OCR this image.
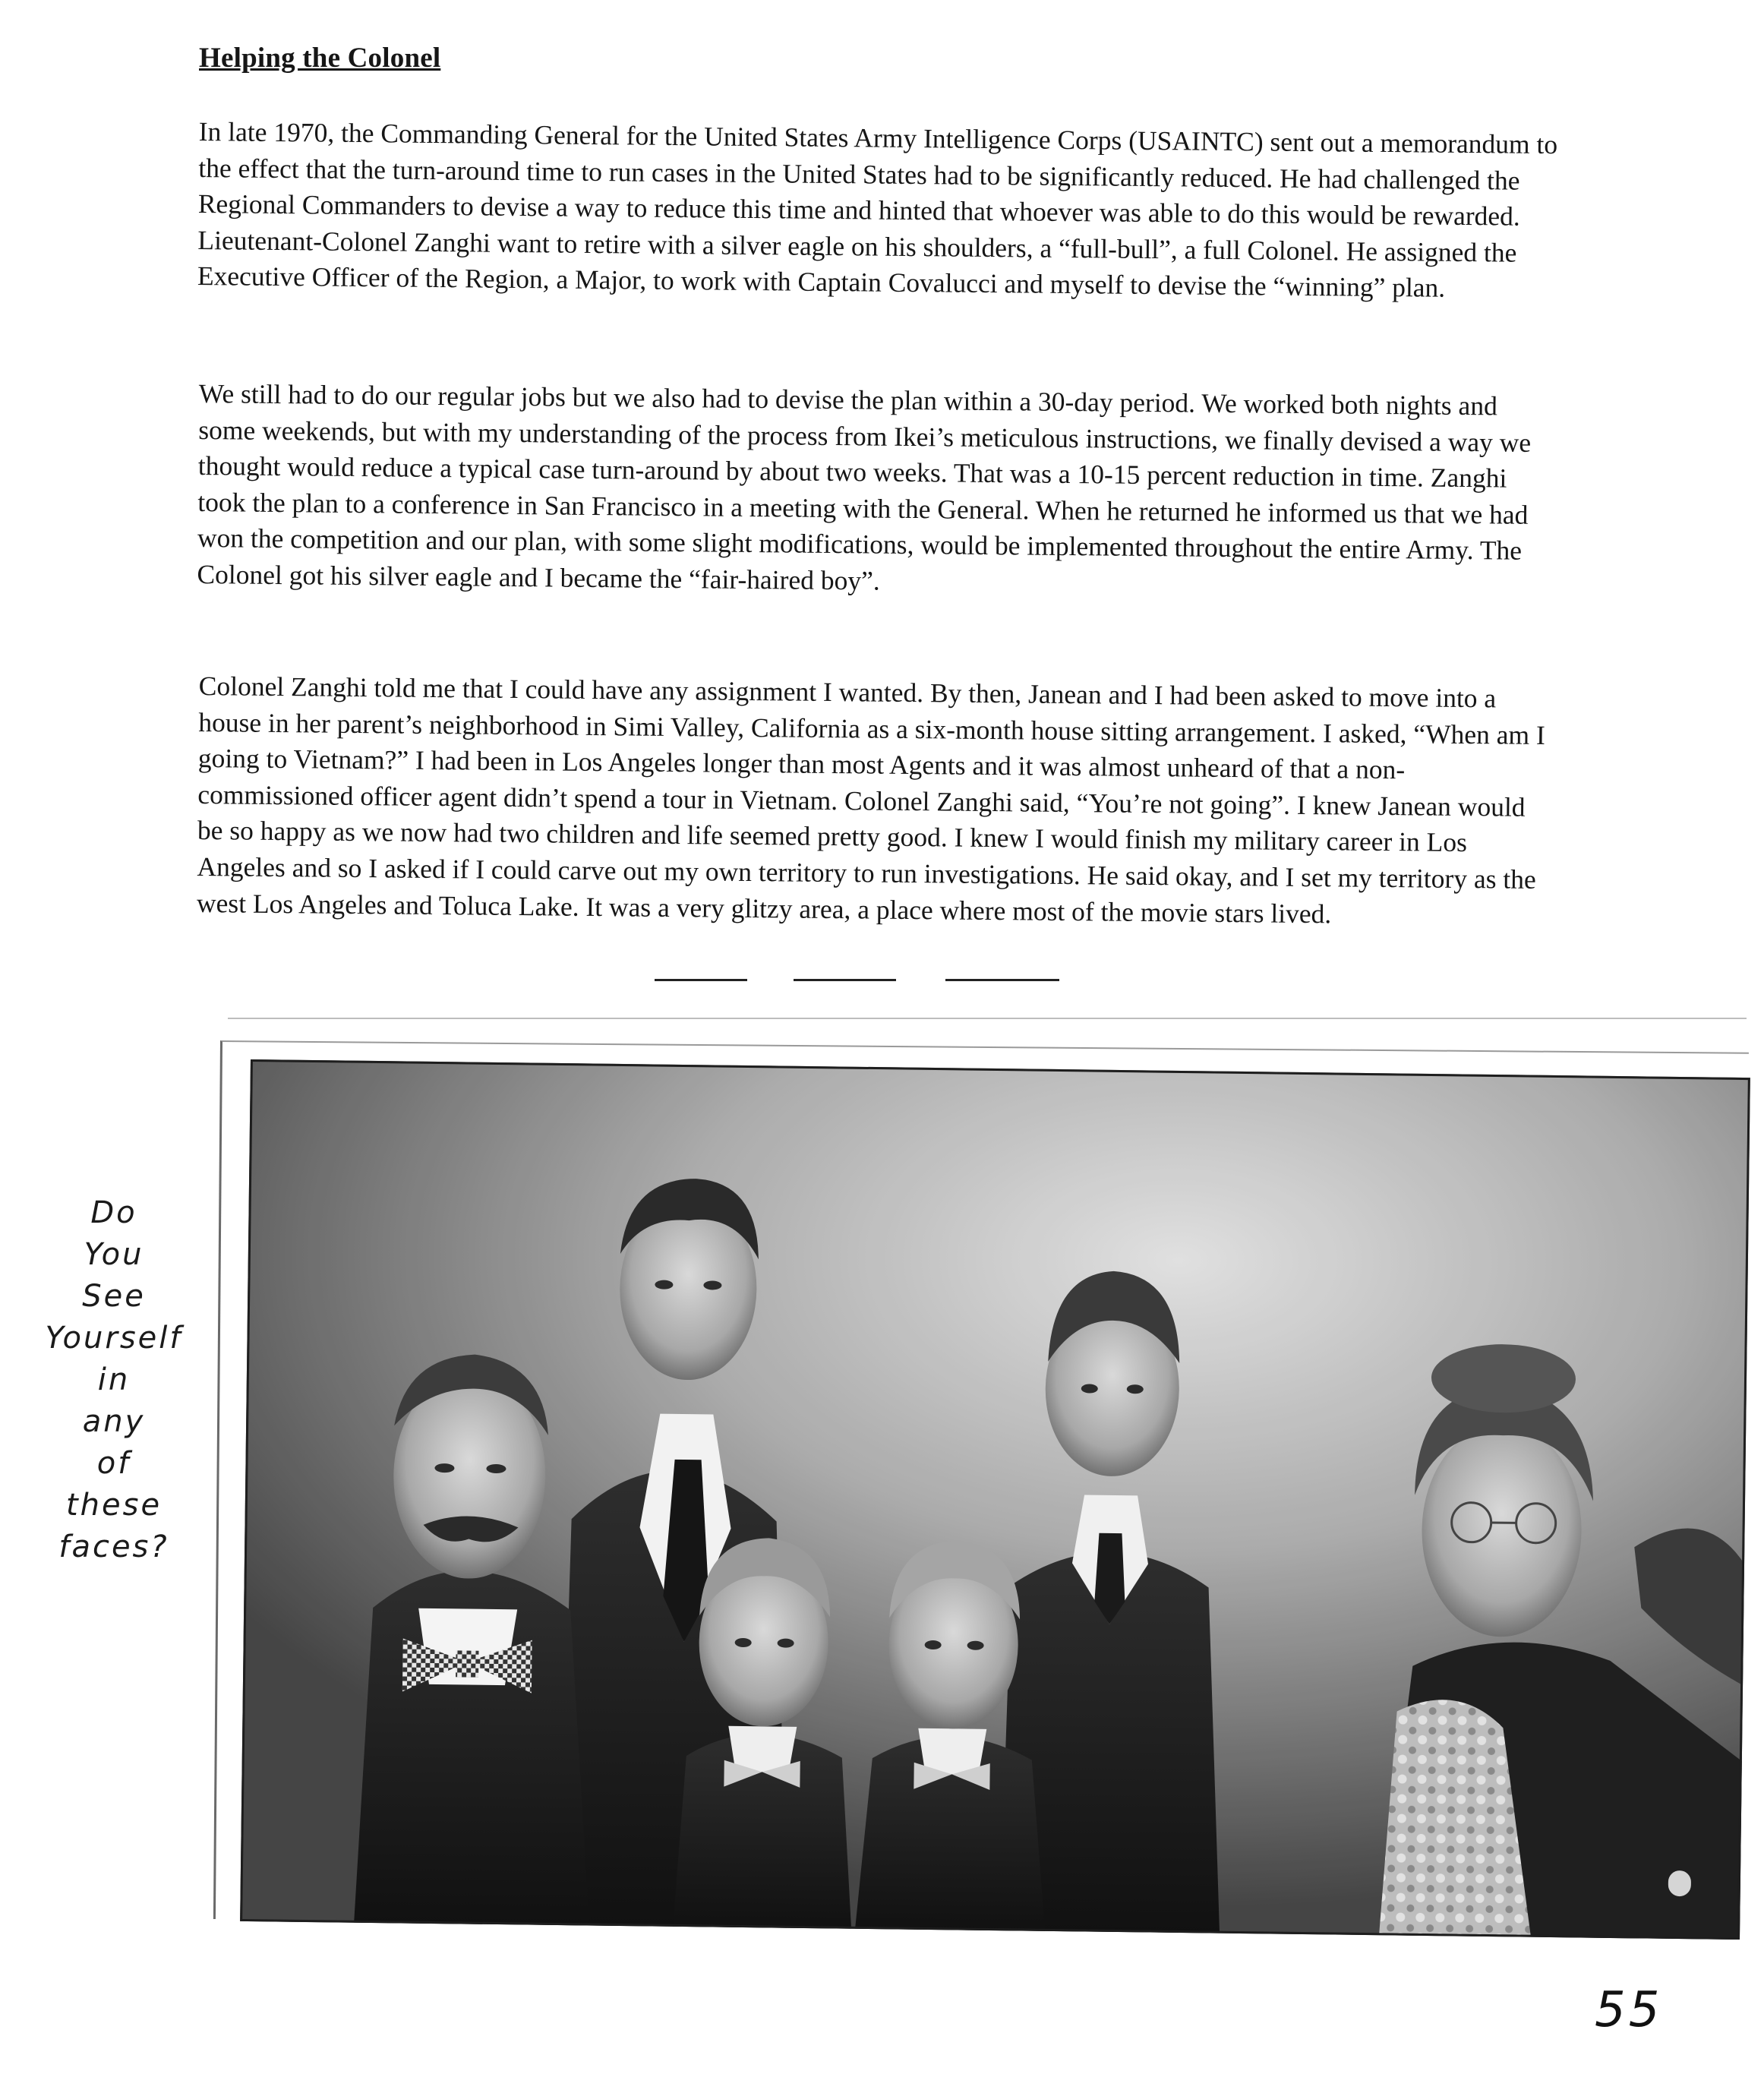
Helping the Colonel

In late 1970, the Commanding General for the United States Army Intelligence Corps (USAINTC) sent out a memorandum to the effect that the turn-around time to run cases in the United States had to be significantly reduced. He had challenged the Regional Commanders to devise a way to reduce this time and hinted that whoever was able to do this would be rewarded. Lieutenant-Colonel Zanghi want to retire with a silver eagle on his shoulders, a “full-bull”, a full Colonel. He assigned the Executive Officer of the Region, a Major, to work with Captain Covalucci and myself to devise the “winning” plan.

We still had to do our regular jobs but we also had to devise the plan within a 30-day period. We worked both nights and some weekends, but with my understanding of the process from Ikei’s meticulous instructions, we finally devised a way we thought would reduce a typical case turn-around by about two weeks. That was a 10-15 percent reduction in time. Zanghi took the plan to a conference in San Francisco in a meeting with the General. When he returned he informed us that we had won the competition and our plan, with some slight modifications, would be implemented throughout the entire Army. The Colonel got his silver eagle and I became the “fair-haired boy”.

Colonel Zanghi told me that I could have any assignment I wanted. By then, Janean and I had been asked to move into a house in her parent’s neighborhood in Simi Valley, California as a six-month house sitting arrangement. I asked, “When am I going to Vietnam?” I had been in Los Angeles longer than most Agents and it was almost unheard of that a non-commissioned officer agent didn’t spend a tour in Vietnam. Colonel Zanghi said, “You’re not going”. I knew Janean would be so happy as we now had two children and life seemed pretty good. I knew I would finish my military career in Los Angeles and so I asked if I could carve out my own territory to run investigations. He said okay, and I set my territory as the west Los Angeles and Toluca Lake. It was a very glitzy area, a place where most of the movie stars lived.

Do
You
See
Yourself
in
any
of
these
faces?
55
